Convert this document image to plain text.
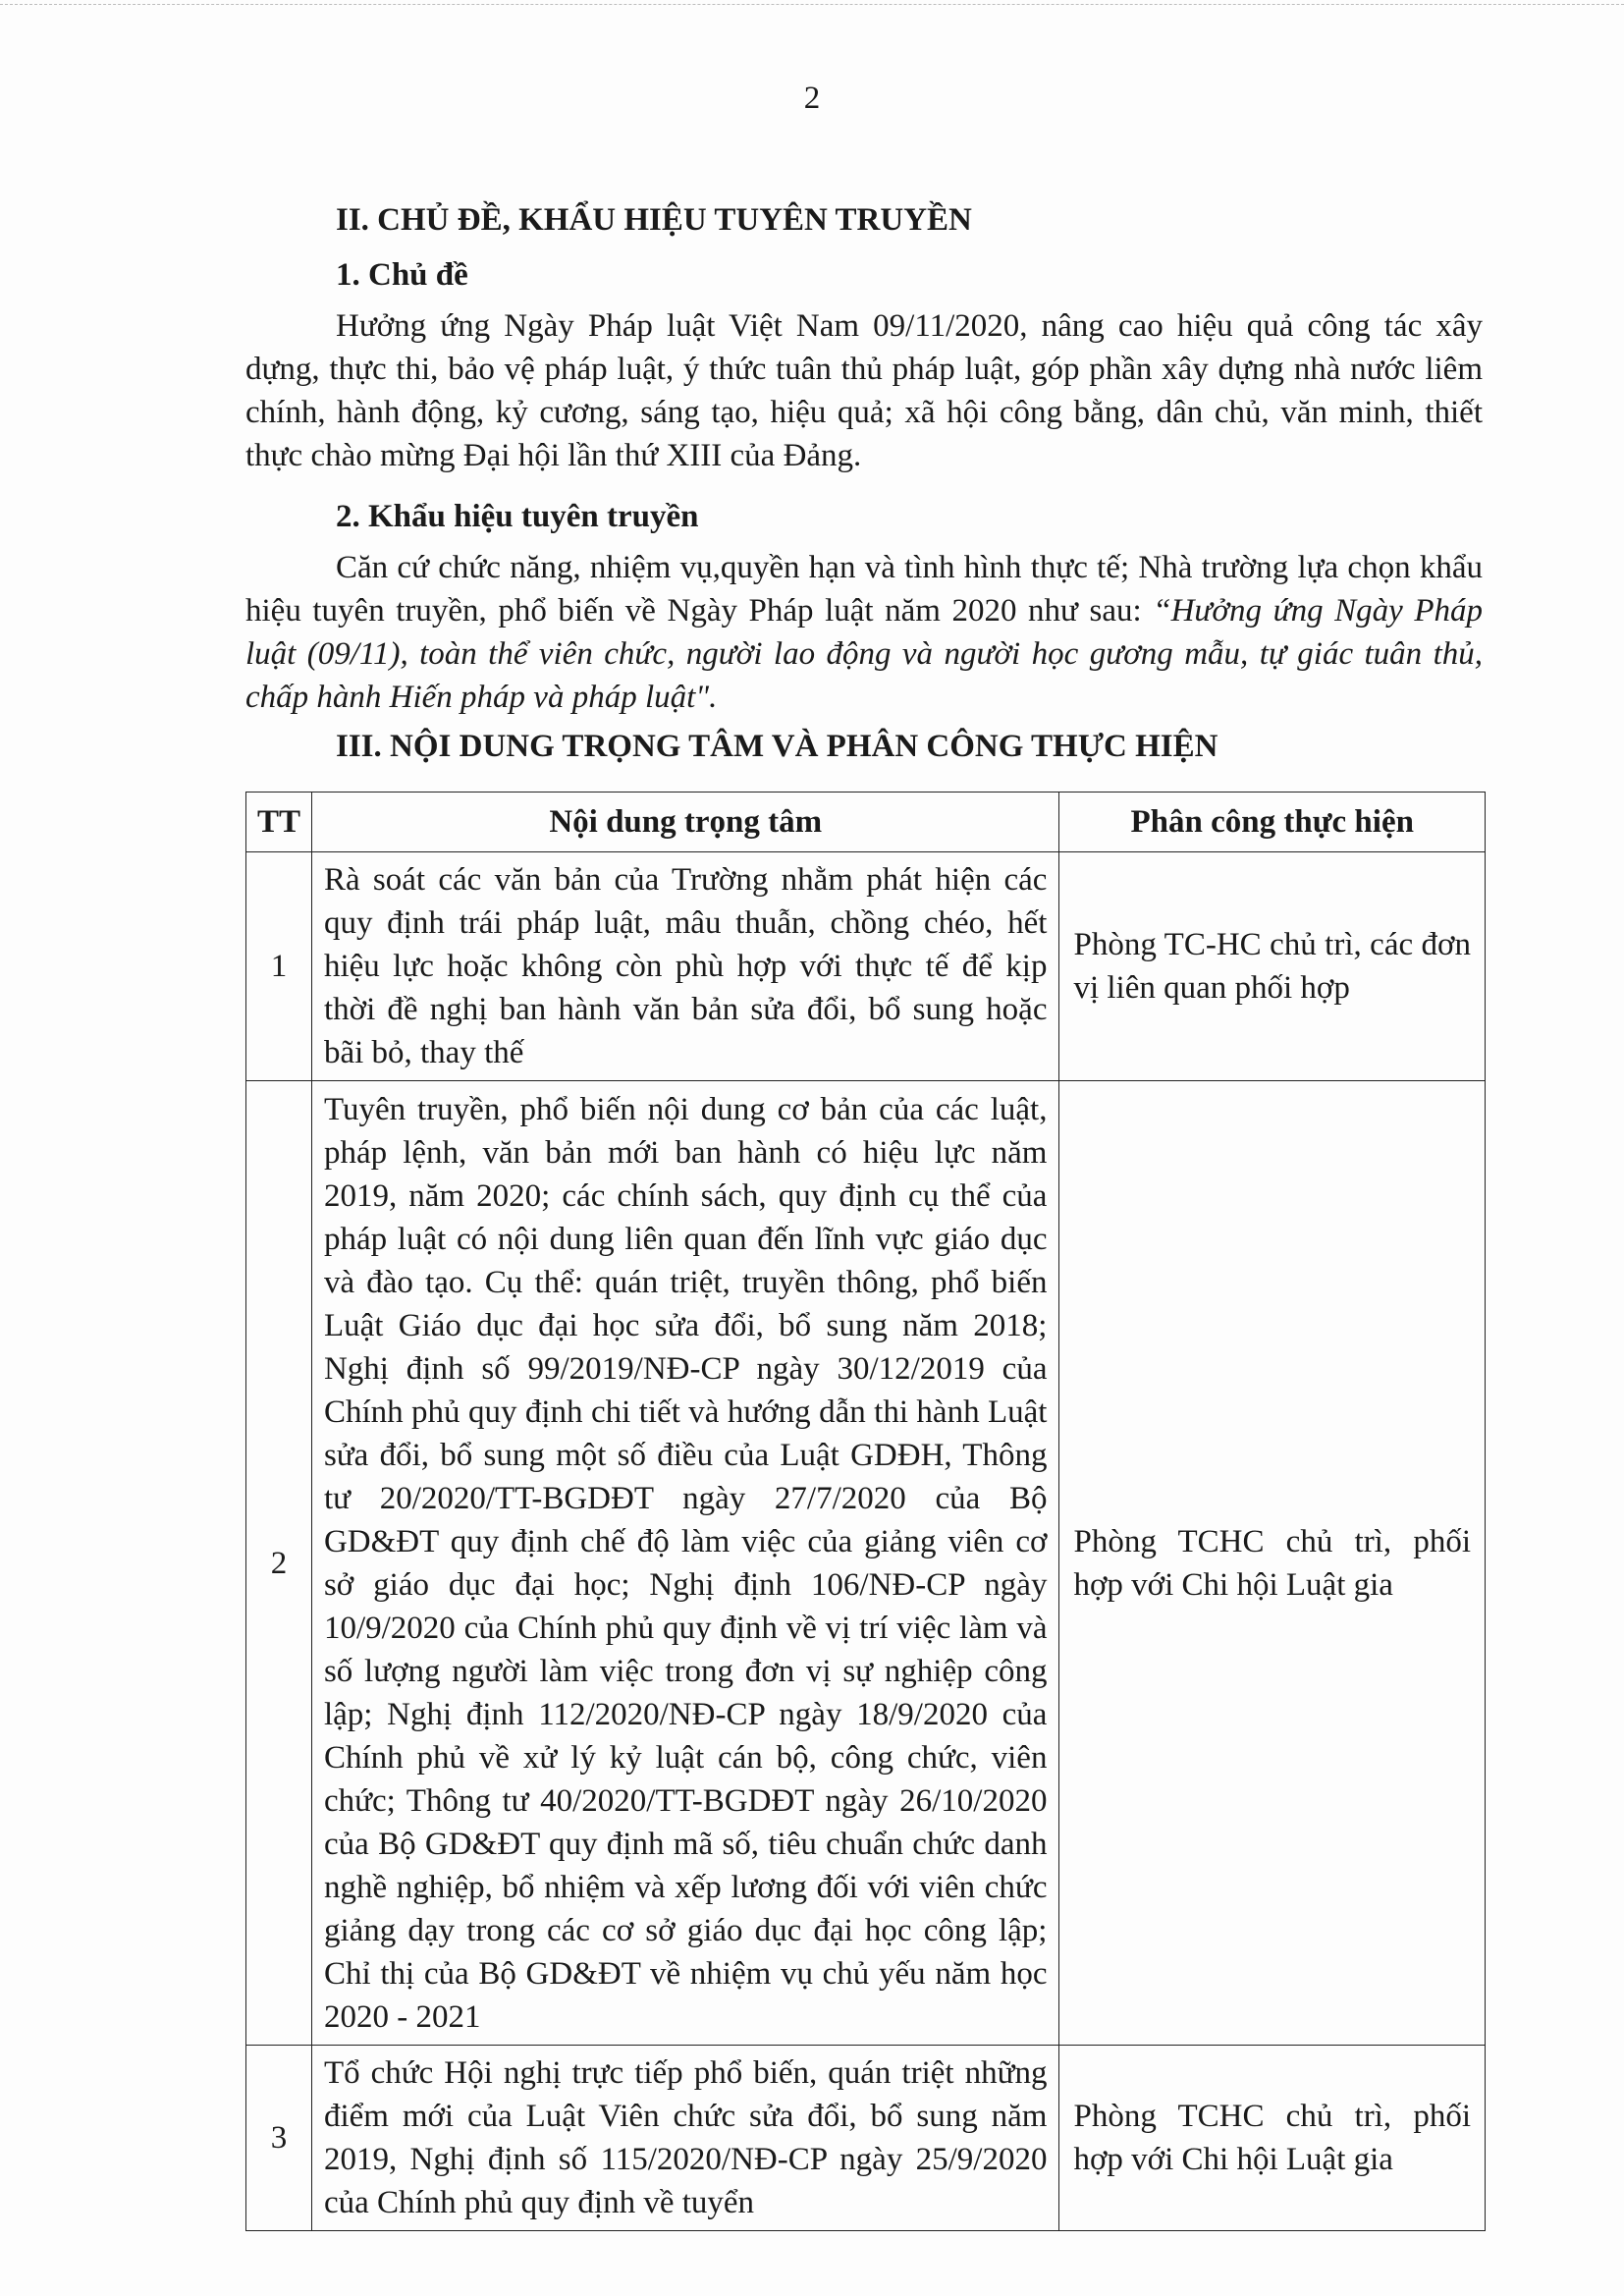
2
II. CHỦ ĐỀ, KHẨU HIỆU TUYÊN TRUYỀN
1. Chủ đề
Hưởng ứng Ngày Pháp luật Việt Nam 09/11/2020, nâng cao hiệu quả công tác xây dựng, thực thi, bảo vệ pháp luật, ý thức tuân thủ pháp luật, góp phần xây dựng nhà nước liêm chính, hành động, kỷ cương, sáng tạo, hiệu quả; xã hội công bằng, dân chủ, văn minh, thiết thực chào mừng Đại hội lần thứ XIII của Đảng.
2. Khẩu hiệu tuyên truyền
Căn cứ chức năng, nhiệm vụ,quyền hạn và tình hình thực tế; Nhà trường lựa chọn khẩu hiệu tuyên truyền, phổ biến về Ngày Pháp luật năm 2020 như sau: “Hưởng ứng Ngày Pháp luật (09/11), toàn thể viên chức, người lao động và người học gương mẫu, tự giác tuân thủ, chấp hành Hiến pháp và pháp luật".
III. NỘI DUNG TRỌNG TÂM VÀ PHÂN CÔNG THỰC HIỆN
TT	Nội dung trọng tâm	Phân công thực hiện
1	Rà soát các văn bản của Trường nhằm phát hiện các quy định trái pháp luật, mâu thuẫn, chồng chéo, hết hiệu lực hoặc không còn phù hợp với thực tế để kịp thời đề nghị ban hành văn bản sửa đổi, bổ sung hoặc bãi bỏ, thay thế	Phòng TC-HC chủ trì, các đơn vị liên quan phối hợp
2	Tuyên truyền, phổ biến nội dung cơ bản của các luật, pháp lệnh, văn bản mới ban hành có hiệu lực năm 2019, năm 2020; các chính sách, quy định cụ thể của pháp luật có nội dung liên quan đến lĩnh vực giáo dục và đào tạo. Cụ thể: quán triệt, truyền thông, phổ biến Luật Giáo dục đại học sửa đổi, bổ sung năm 2018; Nghị định số 99/2019/NĐ-CP ngày 30/12/2019 của Chính phủ quy định chi tiết và hướng dẫn thi hành Luật sửa đổi, bổ sung một số điều của Luật GDĐH, Thông tư 20/2020/TT-BGDĐT ngày 27/7/2020 của Bộ GD&ĐT quy định chế độ làm việc của giảng viên cơ sở giáo dục đại học; Nghị định 106/NĐ-CP ngày 10/9/2020 của Chính phủ quy định về vị trí việc làm và số lượng người làm việc trong đơn vị sự nghiệp công lập; Nghị định 112/2020/NĐ-CP ngày 18/9/2020 của Chính phủ về xử lý kỷ luật cán bộ, công chức, viên chức; Thông tư 40/2020/TT-BGDĐT ngày 26/10/2020 của Bộ GD&ĐT quy định mã số, tiêu chuẩn chức danh nghề nghiệp, bổ nhiệm và xếp lương đối với viên chức giảng dạy trong các cơ sở giáo dục đại học công lập; Chỉ thị của Bộ GD&ĐT về nhiệm vụ chủ yếu năm học 2020 - 2021	Phòng TCHC chủ trì, phối hợp với Chi hội Luật gia
3	Tổ chức Hội nghị trực tiếp phổ biến, quán triệt những điểm mới của Luật Viên chức sửa đổi, bổ sung năm 2019, Nghị định số 115/2020/NĐ-CP ngày 25/9/2020 của Chính phủ quy định về tuyển	Phòng TCHC chủ trì, phối hợp với Chi hội Luật gia
